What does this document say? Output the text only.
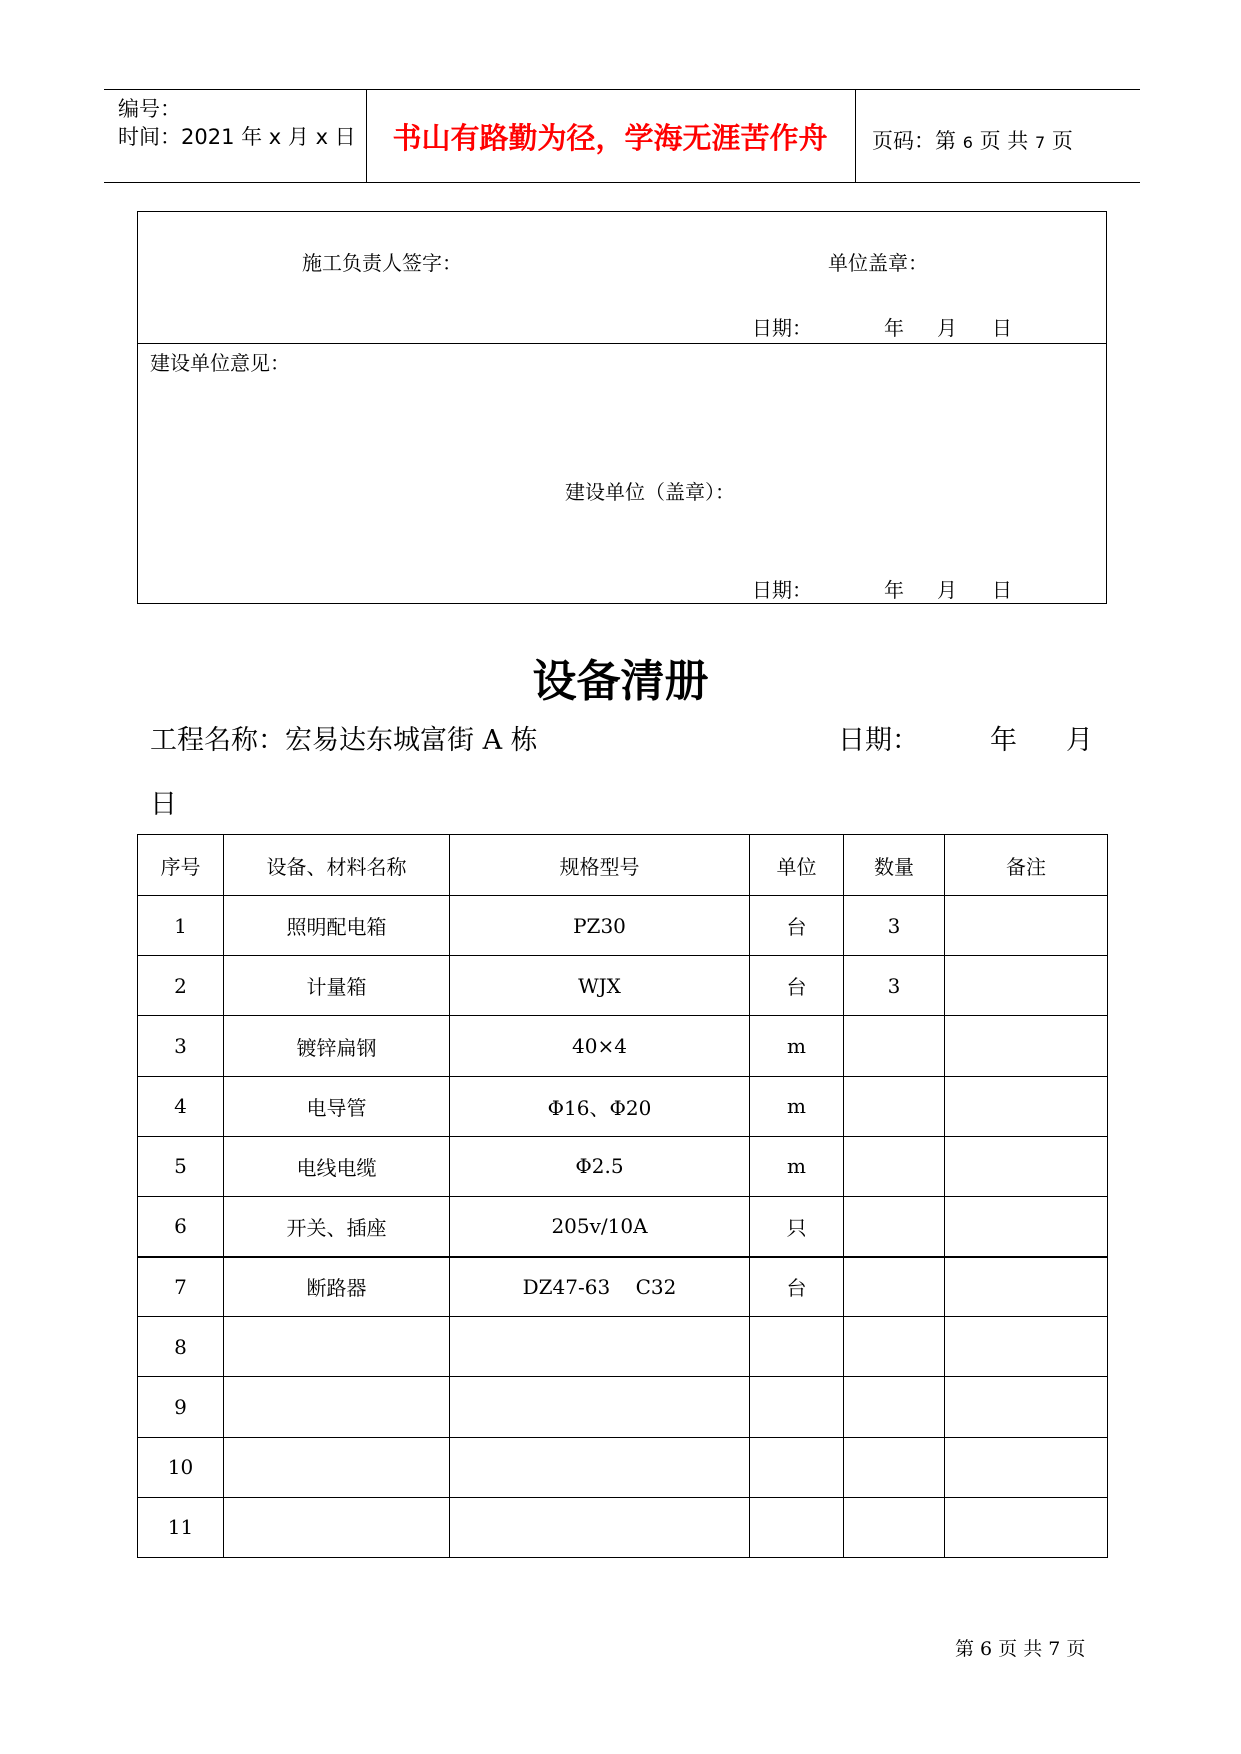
编号：
时间：2021 年 x 月 x 日	书山有路勤为径，学海无涯苦作舟	页码：第 6 页 共 7 页
施工负责人签字：	单位盖章：
日期：	年 月 日
建设单位意见：
建设单位（盖章）：
日期：	年 月 日
设备清册
工程名称：宏易达东城富街 A 栋	日期：	年 月
日
序号	设备、材料名称	规格型号	单位	数量	备注
1	照明配电箱	PZ30	台	3	
2	计量箱	WJX	台	3	
3	镀锌扁钢	40×4	m		
4	电导管	Φ16、Φ20	m		
5	电线电缆	Φ2.5	m		
6	开关、插座	205v/10A	只		
7	断路器	DZ47-63    C32	台		
8					
9					
10					
11					
第 6 页 共 7 页
